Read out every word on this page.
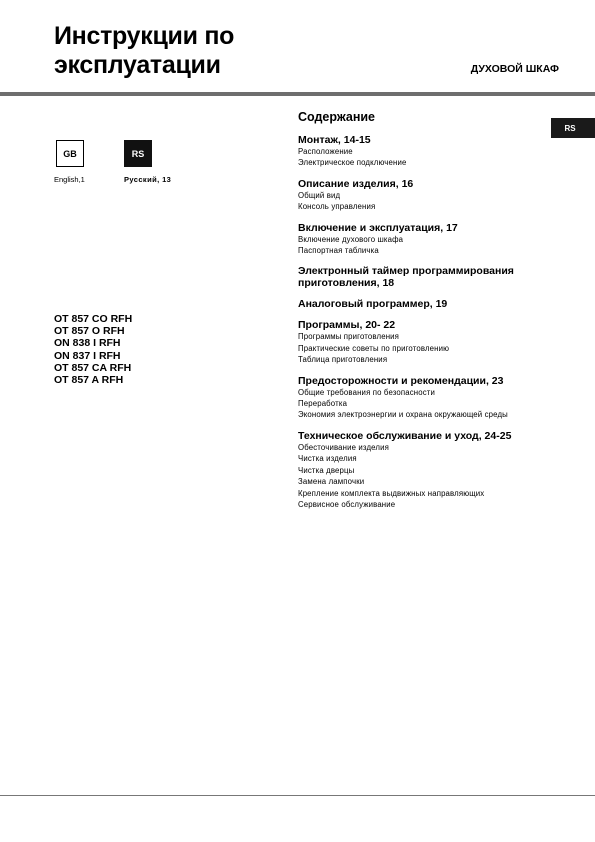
Инструкции по
эксплуатации	ДУХОВОЙ ШКАФ
RS
GB	RS
English,1	Русский, 13
OT 857 CO RFH
OT 857 O RFH
ON 838 I RFH
ON 837 I RFH
OT 857 CA RFH
OT 857 A RFH
Содержание
Монтаж, 14-15
Расположение
Электрическое подключение
Описание изделия, 16
Общий вид
Консоль управления
Включение и эксплуатация, 17
Включение духового шкафа
Паспортная табличка
Электронный таймер программирования приготовления, 18
Аналоговый программер, 19
Программы, 20- 22
Программы приготовления
Практические советы по приготовлению
Таблица приготовления
Предосторожности и рекомендации, 23
Общие требования по безопасности
Переработка
Экономия электроэнергии и охрана окружающей среды
Техническое обслуживание и уход, 24-25
Обесточивание изделия
Чистка изделия
Чистка дверцы
Замена лампочки
Крепление комплекта выдвижных направляющих
Сервисное обслуживание
